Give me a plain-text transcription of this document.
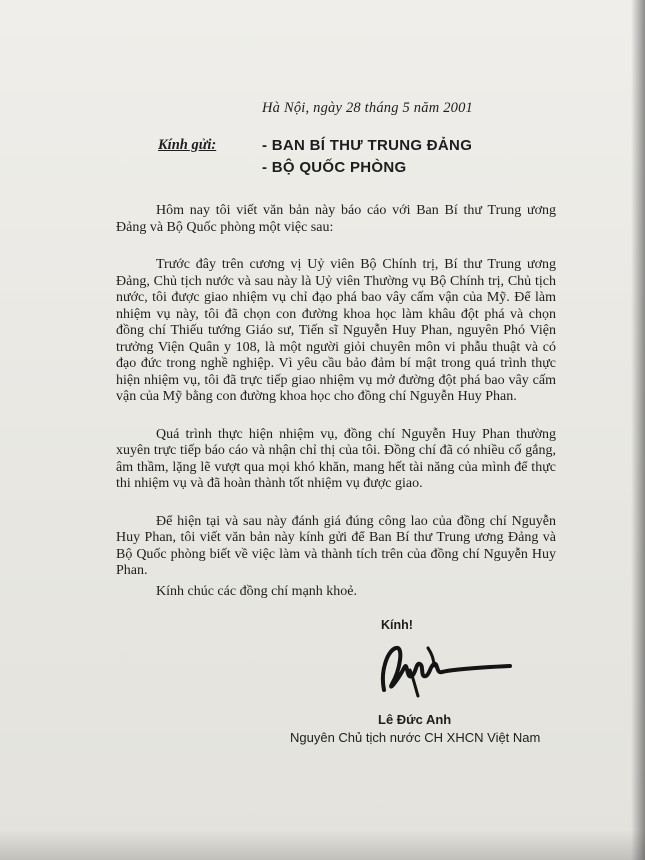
Hà Nội, ngày 28 tháng 5 năm 2001
Kính gửi:	- BAN BÍ THƯ TRUNG ĐẢNG
- BỘ QUỐC PHÒNG

Hôm nay tôi viết văn bản này báo cáo với Ban Bí thư Trung ương Đảng và Bộ Quốc phòng một việc sau:

Trước đây trên cương vị Uỷ viên Bộ Chính trị, Bí thư Trung ương Đảng, Chủ tịch nước và sau này là Uỷ viên Thường vụ Bộ Chính trị, Chủ tịch nước, tôi được giao nhiệm vụ chỉ đạo phá bao vây cấm vận của Mỹ. Để làm nhiệm vụ này, tôi đã chọn con đường khoa học làm khâu đột phá và chọn đồng chí Thiếu tướng Giáo sư, Tiến sĩ Nguyễn Huy Phan, nguyên Phó Viện trưởng Viện Quân y 108, là một người giỏi chuyên môn vi phẫu thuật và có đạo đức trong nghề nghiệp. Vì yêu cầu bảo đảm bí mật trong quá trình thực hiện nhiệm vụ, tôi đã trực tiếp giao nhiệm vụ mở đường đột phá bao vây cấm vận của Mỹ bằng con đường khoa học cho đồng chí Nguyễn Huy Phan.

Quá trình thực hiện nhiệm vụ, đồng chí Nguyễn Huy Phan thường xuyên trực tiếp báo cáo và nhận chỉ thị của tôi. Đồng chí đã có nhiều cố gắng, âm thầm, lặng lẽ vượt qua mọi khó khăn, mang hết tài năng của mình để thực thi nhiệm vụ và đã hoàn thành tốt nhiệm vụ được giao.

Để hiện tại và sau này đánh giá đúng công lao của đồng chí Nguyễn Huy Phan, tôi viết văn bản này kính gửi để Ban Bí thư Trung ương Đảng và Bộ Quốc phòng biết về việc làm và thành tích trên của đồng chí Nguyễn Huy Phan.

Kính chúc các đồng chí mạnh khoẻ.
Kính!
Lê Đức Anh
Nguyên Chủ tịch nước CH XHCN Việt Nam
